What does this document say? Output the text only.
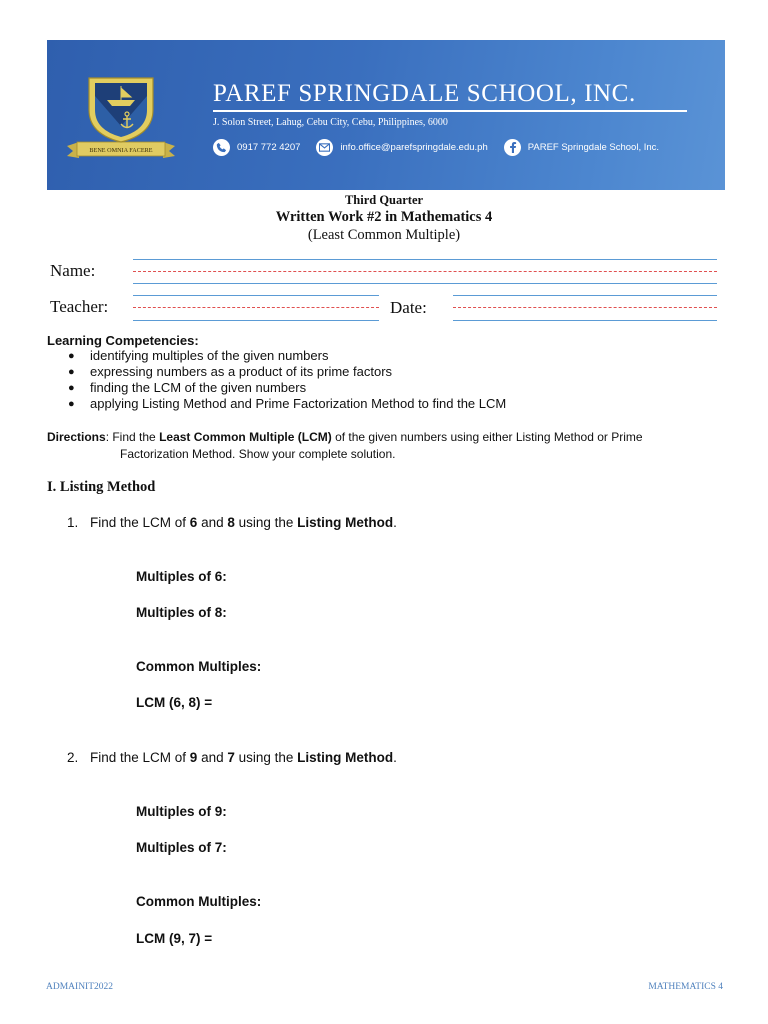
BENE OMNIA FACERE
PAREF SPRINGDALE SCHOOL, INC.
J. Solon Street, Lahug, Cebu City, Cebu, Philippines, 6000
0917 772 4207	info.office@parefspringdale.edu.ph	PAREF Springdale School, Inc.
Third Quarter
Written Work #2 in Mathematics 4
(Least Common Multiple)
Name:
Teacher:	Date:
Learning Competencies:
●	identifying multiples of the given numbers
●	expressing numbers as a product of its prime factors
●	finding the LCM of the given numbers
●	applying Listing Method and Prime Factorization Method to find the LCM
Directions: Find the Least Common Multiple (LCM) of the given numbers using either Listing Method or Prime
Factorization Method. Show your complete solution.
I. Listing Method
1. Find the LCM of 6 and 8 using the Listing Method.
Multiples of 6:
Multiples of 8:
Common Multiples:
LCM (6, 8) =
2. Find the LCM of 9 and 7 using the Listing Method.
Multiples of 9:
Multiples of 7:
Common Multiples:
LCM (9, 7) =
ADMAINIT2022	MATHEMATICS 4
